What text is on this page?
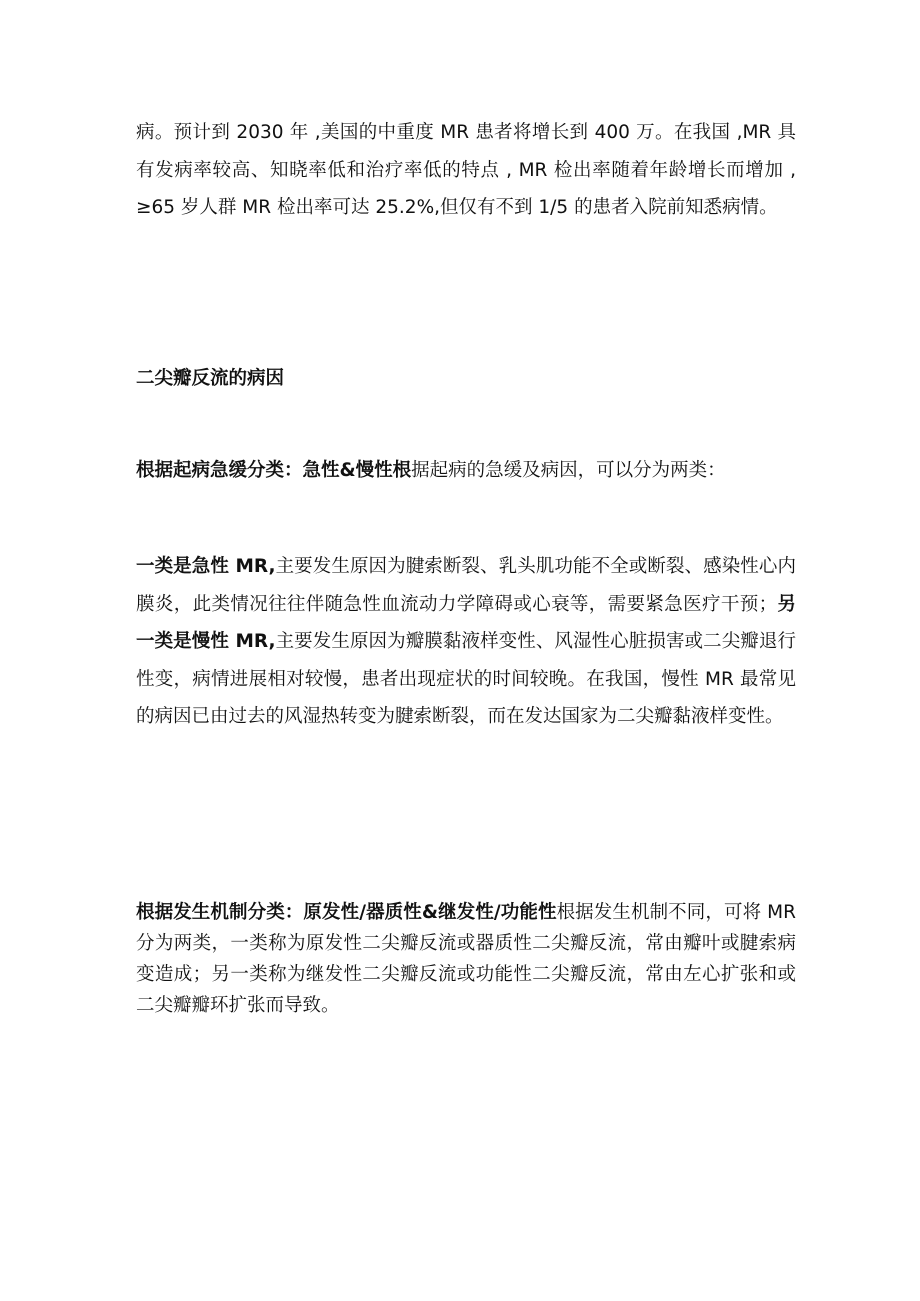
病。预计到 2030 年 ,美国的中重度 MR 患者将增长到 400 万。在我国 ,MR 具有发病率较高、知晓率低和治疗率低的特点 , MR 检出率随着年龄增长而增加 , ≥65 岁人群 MR 检出率可达 25.2%,但仅有不到 1/5 的患者入院前知悉病情。

二尖瓣反流的病因

根据起病急缓分类：急性&慢性根据起病的急缓及病因，可以分为两类：

一类是急性 MR,主要发生原因为腱索断裂、乳头肌功能不全或断裂、感染性心内膜炎，此类情况往往伴随急性血流动力学障碍或心衰等，需要紧急医疗干预；另一类是慢性 MR,主要发生原因为瓣膜黏液样变性、风湿性心脏损害或二尖瓣退行性变，病情进展相对较慢，患者出现症状的时间较晚。在我国，慢性 MR 最常见的病因已由过去的风湿热转变为腱索断裂，而在发达国家为二尖瓣黏液样变性。

根据发生机制分类：原发性/器质性&继发性/功能性根据发生机制不同，可将 MR 分为两类，一类称为原发性二尖瓣反流或器质性二尖瓣反流，常由瓣叶或腱索病变造成；另一类称为继发性二尖瓣反流或功能性二尖瓣反流，常由左心扩张和或二尖瓣瓣环扩张而导致。
